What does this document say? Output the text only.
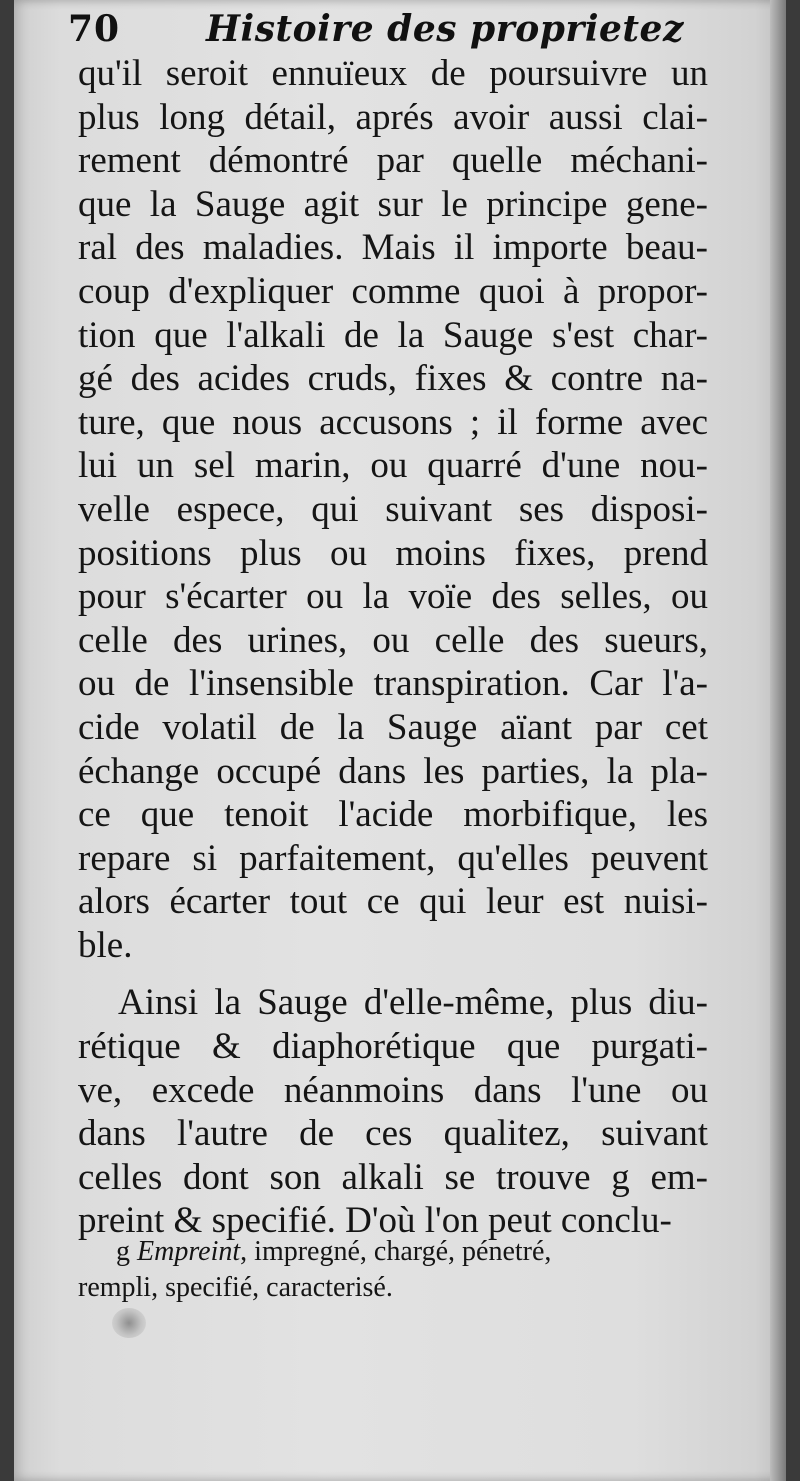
70 Histoire des proprietez
qu'il seroit ennuïeux de poursuivre un
plus long détail, aprés avoir aussi clai-
rement démontré par quelle méchani-
que la Sauge agit sur le principe gene-
ral des maladies. Mais il importe beau-
coup d'expliquer comme quoi à propor-
tion que l'alkali de la Sauge s'est char-
gé des acides cruds, fixes & contre na-
ture, que nous accusons ; il forme avec
lui un sel marin, ou quarré d'une nou-
velle espece, qui suivant ses disposi-
positions plus ou moins fixes, prend
pour s'écarter ou la voïe des selles, ou
celle des urines, ou celle des sueurs,
ou de l'insensible transpiration. Car l'a-
cide volatil de la Sauge aïant par cet
échange occupé dans les parties, la pla-
ce que tenoit l'acide morbifique, les
repare si parfaitement, qu'elles peuvent
alors écarter tout ce qui leur est nuisi-
ble.
Ainsi la Sauge d'elle-même, plus diu-
rétique & diaphorétique que purgati-
ve, excede néanmoins dans l'une ou
dans l'autre de ces qualitez, suivant
celles dont son alkali se trouve g em-
preint & specifié. D'où l'on peut conclu-
g Empreint, impregné, chargé, pénetré,
rempli, specifié, caracterisé.
